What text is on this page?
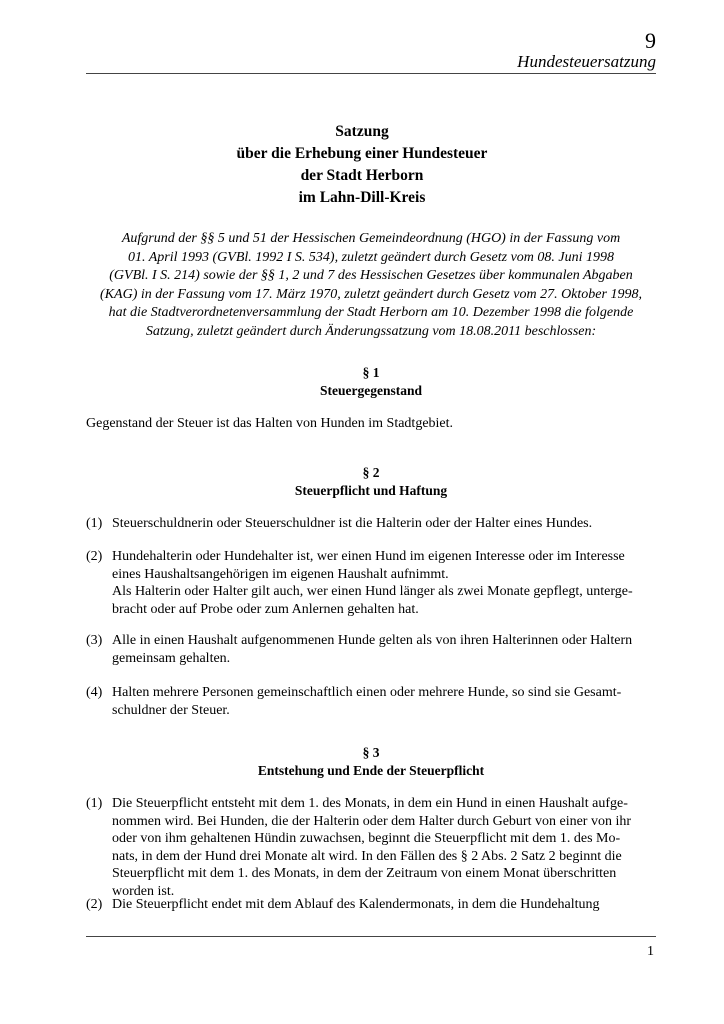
9
Hundesteuersatzung
Satzung
über die Erhebung einer Hundesteuer
der Stadt Herborn
im Lahn-Dill-Kreis
Aufgrund der §§ 5 und 51 der Hessischen Gemeindeordnung (HGO) in der Fassung vom
01. April 1993 (GVBl. 1992 I S. 534), zuletzt geändert durch Gesetz vom 08. Juni 1998
(GVBl. I S. 214) sowie der §§ 1, 2 und 7 des Hessischen Gesetzes über kommunalen Abgaben
(KAG) in der Fassung vom 17. März 1970, zuletzt geändert durch Gesetz vom 27. Oktober 1998,
hat die Stadtverordnetenversammlung der Stadt Herborn am 10. Dezember 1998 die folgende
Satzung, zuletzt geändert durch Änderungssatzung vom 18.08.2011 beschlossen:
§ 1
Steuergegenstand
Gegenstand der Steuer ist das Halten von Hunden im Stadtgebiet.
§ 2
Steuerpflicht und Haftung
(1) Steuerschuldnerin oder Steuerschuldner ist die Halterin oder der Halter eines Hundes.
(2) Hundehalterin oder Hundehalter ist, wer einen Hund im eigenen Interesse oder im Interesse
eines Haushaltsangehörigen im eigenen Haushalt aufnimmt.
Als Halterin oder Halter gilt auch, wer einen Hund länger als zwei Monate gepflegt, unterge-
bracht oder auf Probe oder zum Anlernen gehalten hat.
(3) Alle in einen Haushalt aufgenommenen Hunde gelten als von ihren Halterinnen oder Haltern
gemeinsam gehalten.
(4) Halten mehrere Personen gemeinschaftlich einen oder mehrere Hunde, so sind sie Gesamt-
schuldner der Steuer.
§ 3
Entstehung und Ende der Steuerpflicht
(1) Die Steuerpflicht entsteht mit dem 1. des Monats, in dem ein Hund in einen Haushalt aufge-
nommen wird. Bei Hunden, die der Halterin oder dem Halter durch Geburt von einer von ihr
oder von ihm gehaltenen Hündin zuwachsen, beginnt die Steuerpflicht mit dem 1. des Mo-
nats, in dem der Hund drei Monate alt wird. In den Fällen des § 2 Abs. 2 Satz 2 beginnt die
Steuerpflicht mit dem 1. des Monats, in dem der Zeitraum von einem Monat überschritten
worden ist.
(2) Die Steuerpflicht endet mit dem Ablauf des Kalendermonats, in dem die Hundehaltung
1
